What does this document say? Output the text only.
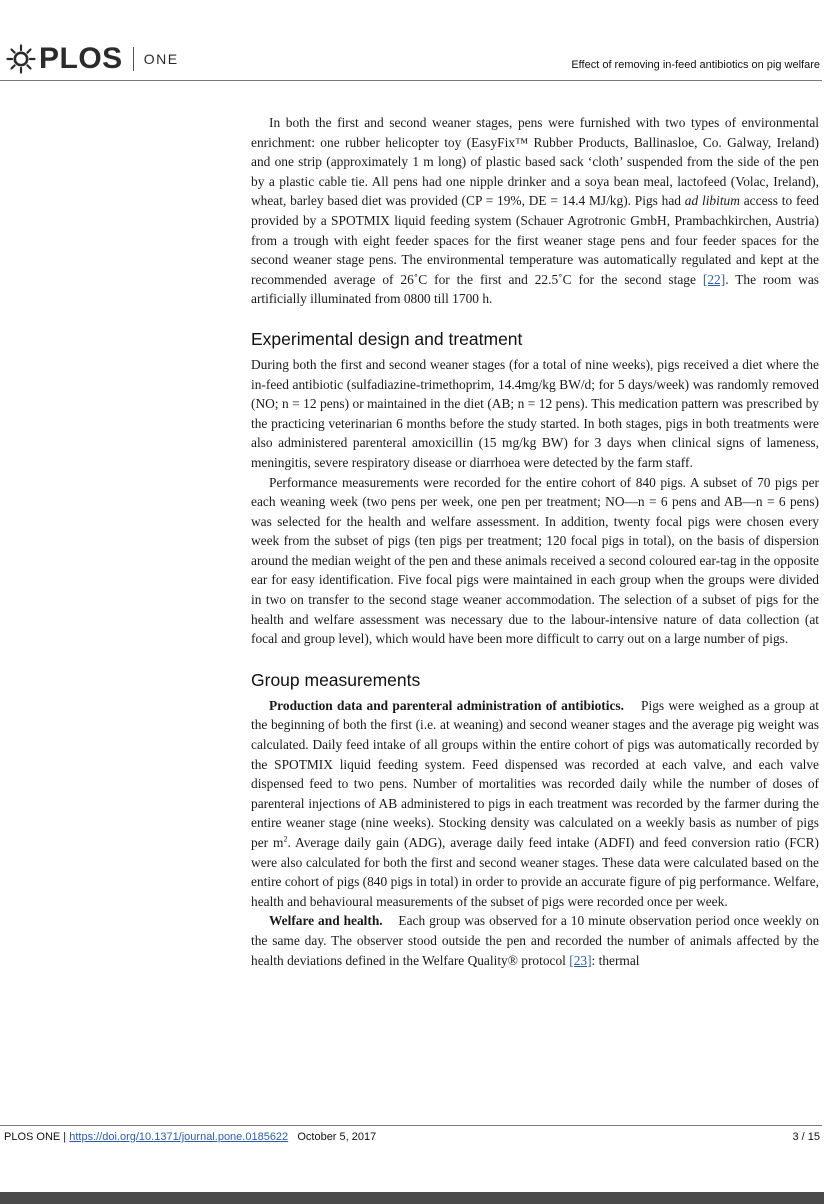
PLOS ONE	Effect of removing in-feed antibiotics on pig welfare

In both the first and second weaner stages, pens were furnished with two types of environmental enrichment: one rubber helicopter toy (EasyFix™ Rubber Products, Ballinasloe, Co. Galway, Ireland) and one strip (approximately 1 m long) of plastic based sack ‘cloth’ suspended from the side of the pen by a plastic cable tie. All pens had one nipple drinker and a soya bean meal, lactofeed (Volac, Ireland), wheat, barley based diet was provided (CP = 19%, DE = 14.4 MJ/kg). Pigs had ad libitum access to feed provided by a SPOTMIX liquid feeding system (Schauer Agrotronic GmbH, Prambachkirchen, Austria) from a trough with eight feeder spaces for the first weaner stage pens and four feeder spaces for the second weaner stage pens. The environmental temperature was automatically regulated and kept at the recommended average of 26˚C for the first and 22.5˚C for the second stage [22]. The room was artificially illuminated from 0800 till 1700 h.

Experimental design and treatment

During both the first and second weaner stages (for a total of nine weeks), pigs received a diet where the in-feed antibiotic (sulfadiazine-trimethoprim, 14.4mg/kg BW/d; for 5 days/week) was randomly removed (NO; n = 12 pens) or maintained in the diet (AB; n = 12 pens). This medication pattern was prescribed by the practicing veterinarian 6 months before the study started. In both stages, pigs in both treatments were also administered parenteral amoxicillin (15 mg/kg BW) for 3 days when clinical signs of lameness, meningitis, severe respiratory disease or diarrhoea were detected by the farm staff.

Performance measurements were recorded for the entire cohort of 840 pigs. A subset of 70 pigs per each weaning week (two pens per week, one pen per treatment; NO—n = 6 pens and AB—n = 6 pens) was selected for the health and welfare assessment. In addition, twenty focal pigs were chosen every week from the subset of pigs (ten pigs per treatment; 120 focal pigs in total), on the basis of dispersion around the median weight of the pen and these animals received a second coloured ear-tag in the opposite ear for easy identification. Five focal pigs were maintained in each group when the groups were divided in two on transfer to the second stage weaner accommodation. The selection of a subset of pigs for the health and welfare assessment was necessary due to the labour-intensive nature of data collection (at focal and group level), which would have been more difficult to carry out on a large number of pigs.

Group measurements

Production data and parenteral administration of antibiotics. Pigs were weighed as a group at the beginning of both the first (i.e. at weaning) and second weaner stages and the average pig weight was calculated. Daily feed intake of all groups within the entire cohort of pigs was automatically recorded by the SPOTMIX liquid feeding system. Feed dispensed was recorded at each valve, and each valve dispensed feed to two pens. Number of mortalities was recorded daily while the number of doses of parenteral injections of AB administered to pigs in each treatment was recorded by the farmer during the entire weaner stage (nine weeks). Stocking density was calculated on a weekly basis as number of pigs per $m^2$. Average daily gain (ADG), average daily feed intake (ADFI) and feed conversion ratio (FCR) were also calculated for both the first and second weaner stages. These data were calculated based on the entire cohort of pigs (840 pigs in total) in order to provide an accurate figure of pig performance. Welfare, health and behavioural measurements of the subset of pigs were recorded once per week.

Welfare and health. Each group was observed for a 10 minute observation period once weekly on the same day. The observer stood outside the pen and recorded the number of animals affected by the health deviations defined in the Welfare Quality® protocol [23]: thermal

PLOS ONE | https://doi.org/10.1371/journal.pone.0185622 October 5, 2017	3 / 15
